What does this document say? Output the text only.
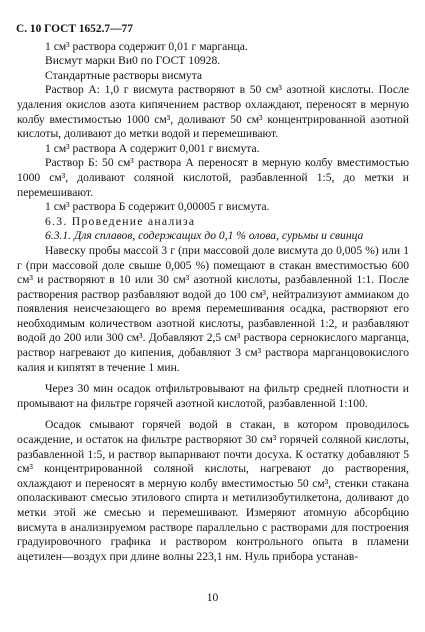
С. 10 ГОСТ 1652.7—77

1 см³ раствора содержит 0,01 г марганца.

Висмут марки Ви0 по ГОСТ 10928.

Стандартные растворы висмута

Раствор А: 1,0 г висмута растворяют в 50 см³ азотной кислоты. После удаления окислов азота кипячением раствор охлаждают, переносят в мерную колбу вместимостью 1000 см³, доливают 50 см³ концентрированной азотной кислоты, доливают до метки водой и перемешивают.

1 см³ раствора А содержит 0,001 г висмута.

Раствор Б: 50 см³ раствора А переносят в мерную колбу вместимостью 1000 см³, доливают соляной кислотой, разбавленной 1:5, до метки и перемешивают.

1 см³ раствора Б содержит 0,00005 г висмута.

6.3. Проведение анализа

6.3.1. Для сплавов, содержащих до 0,1 % олова, сурьмы и свинца

Навеску пробы массой 3 г (при массовой доле висмута до 0,005 %) или 1 г (при массовой доле свыше 0,005 %) помещают в стакан вместимостью 600 см³ и растворяют в 10 или 30 см³ азотной кислоты, разбавленной 1:1. После растворения раствор разбавляют водой до 100 см³, нейтрализуют аммиаком до появления неисчезающего во время перемешивания осадка, растворяют его необходимым количеством азотной кислоты, разбавленной 1:2, и разбавляют водой до 200 или 300 см³. Добавляют 2,5 см³ раствора сернокислого марганца, раствор нагревают до кипения, добавляют 3 см³ раствора марганцовокислого калия и кипятят в течение 1 мин.

Через 30 мин осадок отфильтровывают на фильтр средней плотности и промывают на фильтре горячей азотной кислотой, разбавленной 1:100.

Осадок смывают горячей водой в стакан, в котором проводилось осаждение, и остаток на фильтре растворяют 30 см³ горячей соляной кислоты, разбавленной 1:5, и раствор выпаривают почти досуха. К остатку добавляют 5 см³ концентрированной соляной кислоты, нагревают до растворения, охлаждают и переносят в мерную колбу вместимостью 50 см³, стенки стакана ополаскивают смесью этилового спирта и метилизобутилкетона, доливают до метки этой же смесью и перемешивают. Измеряют атомную абсорбцию висмута в анализируемом растворе параллельно с растворами для построения градуировочного графика и раствором контрольного опыта в пламени ацетилен—воздух при длине волны 223,1 нм. Нуль прибора устанав-

10
